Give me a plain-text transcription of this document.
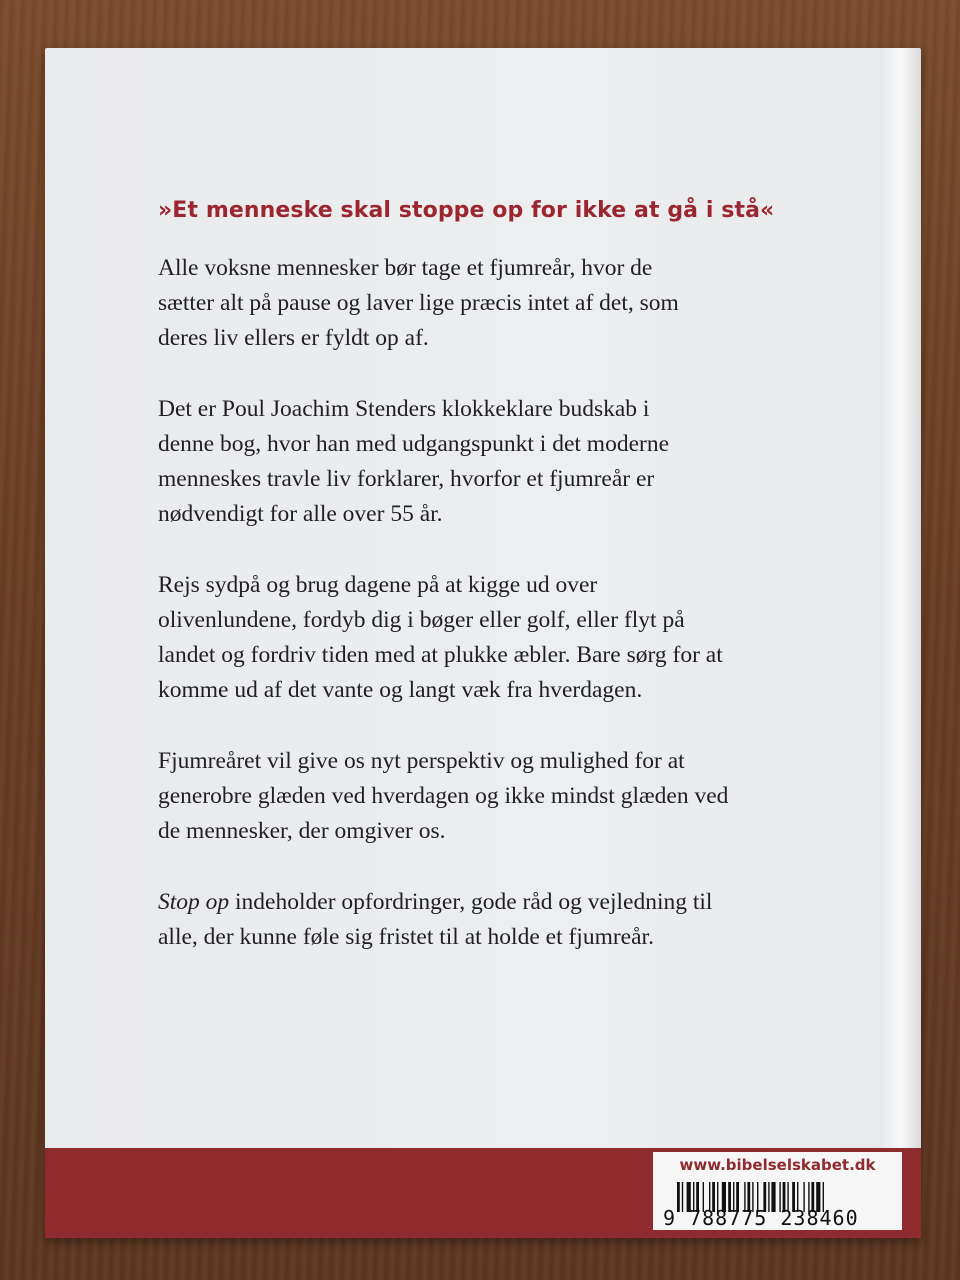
»Et menneske skal stoppe op for ikke at gå i stå«

Alle voksne mennesker bør tage et fjumreår, hvor de
sætter alt på pause og laver lige præcis intet af det, som
deres liv ellers er fyldt op af.

Det er Poul Joachim Stenders klokkeklare budskab i
denne bog, hvor han med udgangspunkt i det moderne
menneskes travle liv forklarer, hvorfor et fjumreår er
nødvendigt for alle over 55 år.

Rejs sydpå og brug dagene på at kigge ud over
olivenlundene, fordyb dig i bøger eller golf, eller flyt på
landet og fordriv tiden med at plukke æbler. Bare sørg for at
komme ud af det vante og langt væk fra hverdagen.

Fjumreåret vil give os nyt perspektiv og mulighed for at
generobre glæden ved hverdagen og ikke mindst glæden ved
de mennesker, der omgiver os.

Stop op indeholder opfordringer, gode råd og vejledning til
alle, der kunne føle sig fristet til at holde et fjumreår.

www.bibelselskabet.dk
9 788775 238460
